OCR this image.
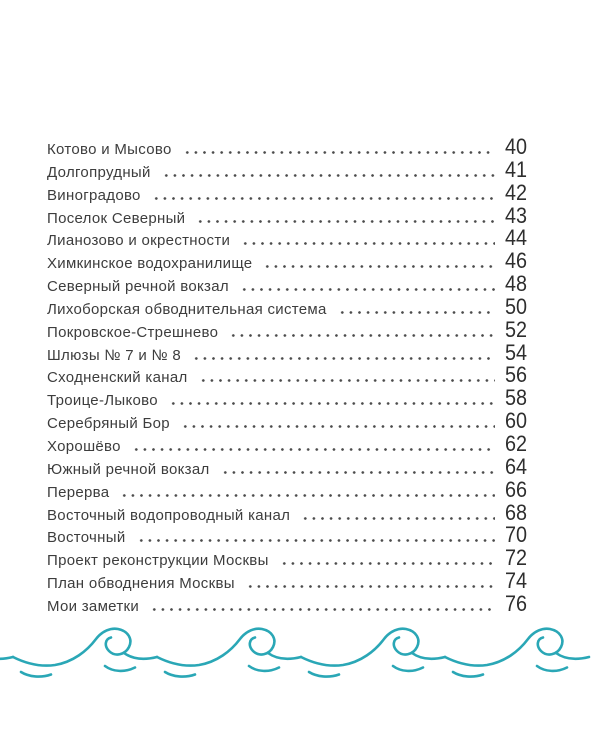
Котово и Мысово	40
Долгопрудный	41
Виноградово	42
Поселок Северный	43
Лианозово и окрестности	44
Химкинское водохранилище	46
Северный речной вокзал	48
Лихоборская обводнительная система	50
Покровское-Стрешнево	52
Шлюзы № 7 и № 8	54
Сходненский канал	56
Троице-Лыково	58
Серебряный Бор	60
Хорошёво	62
Южный речной вокзал	64
Перерва	66
Восточный водопроводный канал	68
Восточный	70
Проект реконструкции Москвы	72
План обводнения Москвы	74
Мои заметки	76
